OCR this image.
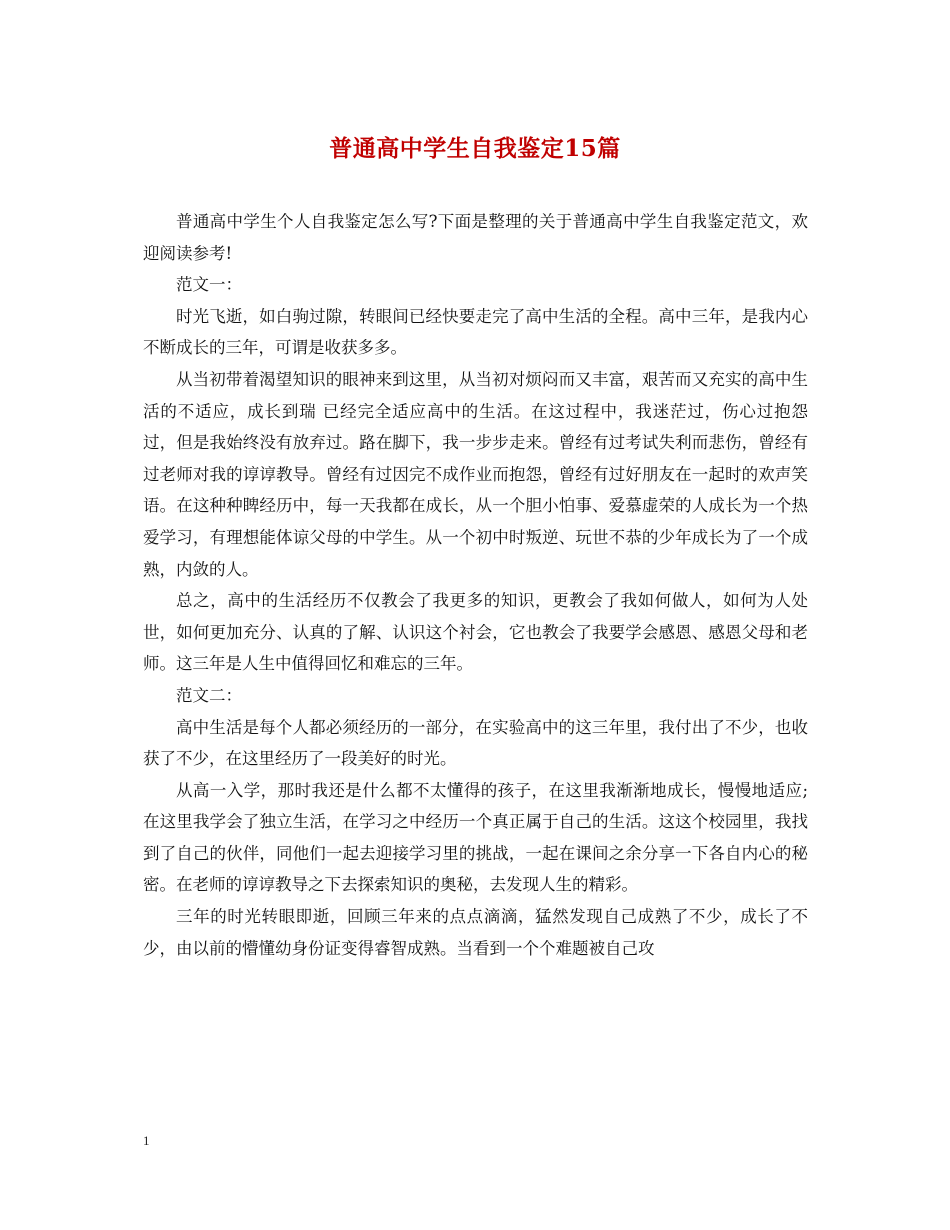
普通高中学生自我鉴定15篇

普通高中学生个人自我鉴定怎么写?下面是整理的关于普通高中学生自我鉴定范文，欢迎阅读参考!

范文一：

时光飞逝，如白驹过隙，转眼间已经快要走完了高中生活的全程。高中三年，是我内心不断成长的三年，可谓是收获多多。

从当初带着渴望知识的眼神来到这里，从当初对烦闷而又丰富，艰苦而又充实的高中生活的不适应，成长到瑞 已经完全适应高中的生活。在这过程中，我迷茫过，伤心过抱怨过，但是我始终没有放弃过。路在脚下，我一步步走来。曾经有过考试失利而悲伤，曾经有过老师对我的谆谆教导。曾经有过因完不成作业而抱怨，曾经有过好朋友在一起时的欢声笑语。在这种种睥经历中，每一天我都在成长，从一个胆小怕事、爱慕虚荣的人成长为一个热爱学习，有理想能体谅父母的中学生。从一个初中时叛逆、玩世不恭的少年成长为了一个成熟，内敛的人。

总之，高中的生活经历不仅教会了我更多的知识，更教会了我如何做人，如何为人处世，如何更加充分、认真的了解、认识这个衬会，它也教会了我要学会感恩、感恩父母和老师。这三年是人生中值得回忆和难忘的三年。

范文二：

高中生活是每个人都必须经历的一部分，在实验高中的这三年里，我付出了不少，也收获了不少，在这里经历了一段美好的时光。

从高一入学，那时我还是什么都不太懂得的孩子，在这里我渐渐地成长，慢慢地适应;在这里我学会了独立生活，在学习之中经历一个真正属于自己的生活。这这个校园里，我找到了自己的伙伴，同他们一起去迎接学习里的挑战，一起在课间之余分享一下各自内心的秘密。在老师的谆谆教导之下去探索知识的奥秘，去发现人生的精彩。

三年的时光转眼即逝，回顾三年来的点点滴滴，猛然发现自己成熟了不少，成长了不少，由以前的懵懂幼身份证变得睿智成熟。当看到一个个难题被自己攻

1
